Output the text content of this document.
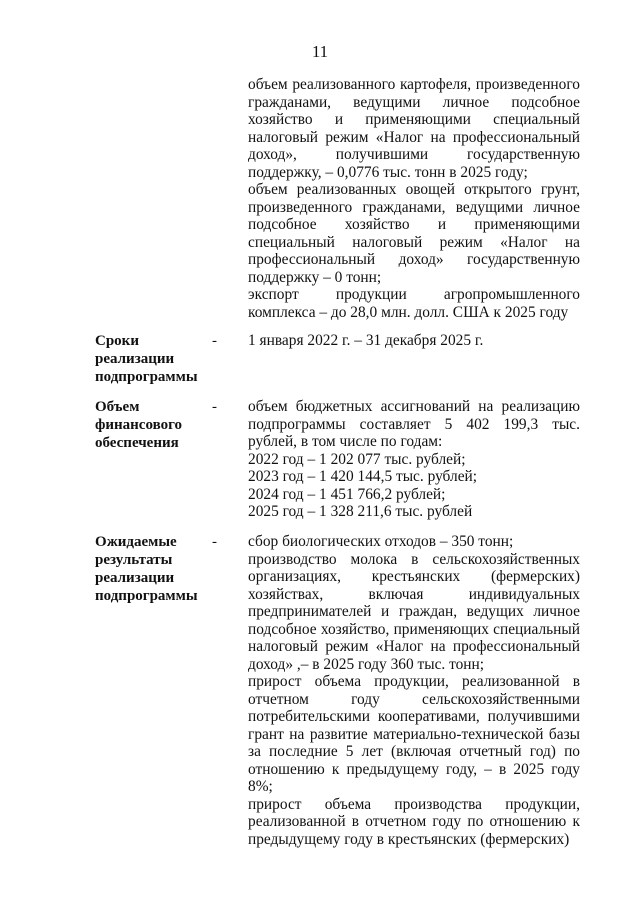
11

объем реализованного картофеля, произведенного гражданами, ведущими личное подсобное хозяйство и применяющими специальный налоговый режим «Налог на профессиональный доход», получившими государственную поддержку, – 0,0776 тыс. тонн в 2025 году;

объем реализованных овощей открытого грунт, произведенного гражданами, ведущими личное подсобное хозяйство и применяющими специальный налоговый режим «Налог на профессиональный доход» государственную поддержку – 0 тонн;

экспорт продукции агропромышленного комплекса – до 28,0 млн. долл. США к 2025 году

Сроки реализации подпрограммы
- 1 января 2022 г. – 31 декабря 2025 г.

Объем финансового обеспечения
- объем бюджетных ассигнований на реализацию подпрограммы составляет 5 402 199,3 тыс. рублей, в том числе по годам:

2022 год – 1 202 077 тыс. рублей;

2023 год – 1 420 144,5 тыс. рублей;

2024 год – 1 451 766,2 рублей;

2025 год – 1 328 211,6 тыс. рублей

Ожидаемые результаты реализации подпрограммы
- сбор биологических отходов – 350 тонн;

производство молока в сельскохозяйственных организациях, крестьянских (фермерских) хозяйствах, включая индивидуальных предпринимателей и граждан, ведущих личное подсобное хозяйство, применяющих специальный налоговый режим «Налог на профессиональный доход» ,– в 2025 году 360 тыс. тонн;

прирост объема продукции, реализованной в отчетном году сельскохозяйственными потребительскими кооперативами, получившими грант на развитие материально-технической базы за последние 5 лет (включая отчетный год) по отношению к предыдущему году, – в 2025 году 8%;

прирост объема производства продукции, реализованной в отчетном году по отношению к предыдущему году в крестьянских (фермерских)
